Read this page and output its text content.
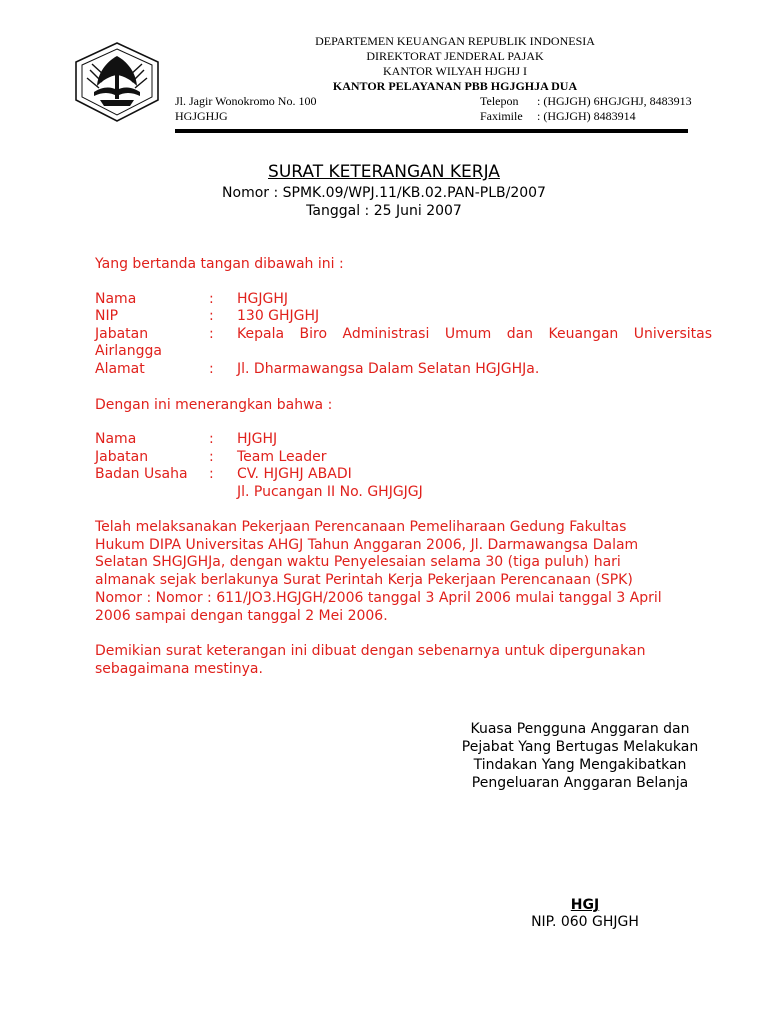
DEPARTEMEN KEUANGAN REPUBLIK INDONESIA
DIREKTORAT JENDERAL PAJAK
KANTOR WILYAH HJGHJ I
KANTOR PELAYANAN PBB HGJGHJA DUA
Jl. Jagir Wonokromo No. 100
HGJGHJG
Telepon : (HGJGH) 6HGJGHJ, 8483913
Faximile : (HGJGH) 8483914
SURAT KETERANGAN KERJA
Nomor : SPMK.09/WPJ.11/KB.02.PAN-PLB/2007
Tanggal : 25 Juni 2007
Yang bertanda tangan dibawah ini :
Nama	: HGJGHJ
NIP	: 130 GHJGHJ
Jabatan	: Kepala Biro Administrasi Umum dan Keuangan Universitas
Airlangga
Alamat	: Jl. Dharmawangsa Dalam Selatan HGJGHJa.
Dengan ini menerangkan bahwa :
Nama	: HJGHJ
Jabatan	: Team Leader
Badan Usaha : CV. HJGHJ ABADI
Jl. Pucangan II No. GHJGJGJ
Telah melaksanakan Pekerjaan Perencanaan Pemeliharaan Gedung Fakultas
Hukum DIPA Universitas AHGJ Tahun Anggaran 2006, Jl. Darmawangsa Dalam
Selatan SHGJGHJa, dengan waktu Penyelesaian selama 30 (tiga puluh) hari
almanak sejak berlakunya Surat Perintah Kerja Pekerjaan Perencanaan (SPK)
Nomor : Nomor : 611/JO3.HGJGH/2006 tanggal 3 April 2006 mulai tanggal 3 April
2006 sampai dengan tanggal 2 Mei 2006.
Demikian surat keterangan ini dibuat dengan sebenarnya untuk dipergunakan
sebagaimana mestinya.
Kuasa Pengguna Anggaran dan
Pejabat Yang Bertugas Melakukan
Tindakan Yang Mengakibatkan
Pengeluaran Anggaran Belanja
HGJ
NIP. 060 GHJGH
